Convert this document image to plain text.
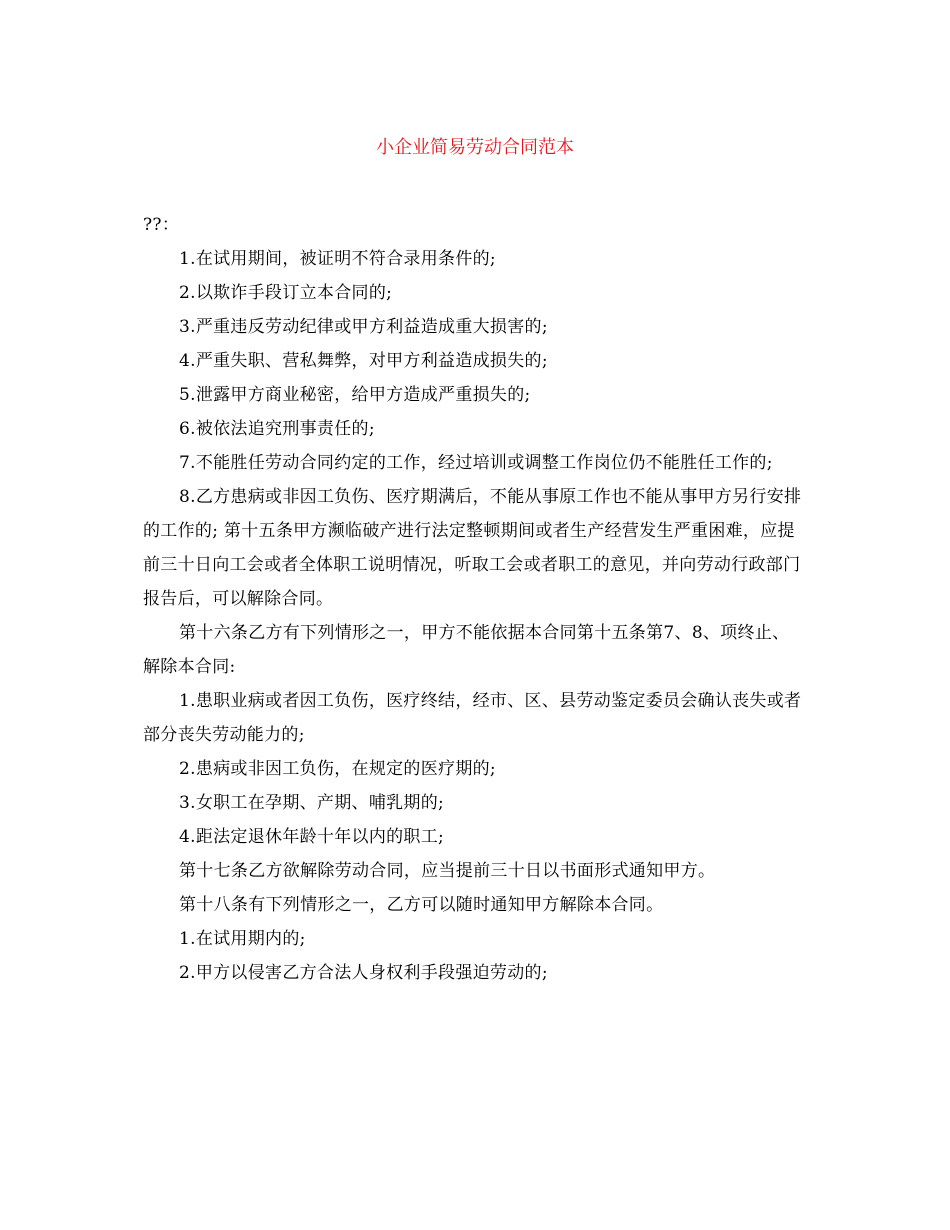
小企业简易劳动合同范本

??：

1.在试用期间，被证明不符合录用条件的;

2.以欺诈手段订立本合同的;

3.严重违反劳动纪律或甲方利益造成重大损害的;

4.严重失职、营私舞弊，对甲方利益造成损失的;

5.泄露甲方商业秘密，给甲方造成严重损失的;

6.被依法追究刑事责任的;

7.不能胜任劳动合同约定的工作，经过培训或调整工作岗位仍不能胜任工作的;

8.乙方患病或非因工负伤、医疗期满后，不能从事原工作也不能从事甲方另行安排的工作的; 第十五条甲方濒临破产进行法定整顿期间或者生产经营发生严重困难，应提前三十日向工会或者全体职工说明情况，听取工会或者职工的意见，并向劳动行政部门报告后，可以解除合同。

第十六条乙方有下列情形之一，甲方不能依据本合同第十五条第7、8、项终止、解除本合同:

1.患职业病或者因工负伤，医疗终结，经市、区、县劳动鉴定委员会确认丧失或者部分丧失劳动能力的;

2.患病或非因工负伤，在规定的医疗期的;

3.女职工在孕期、产期、哺乳期的;

4.距法定退休年龄十年以内的职工;

第十七条乙方欲解除劳动合同，应当提前三十日以书面形式通知甲方。

第十八条有下列情形之一，乙方可以随时通知甲方解除本合同。

1.在试用期内的;

2.甲方以侵害乙方合法人身权利手段强迫劳动的;
